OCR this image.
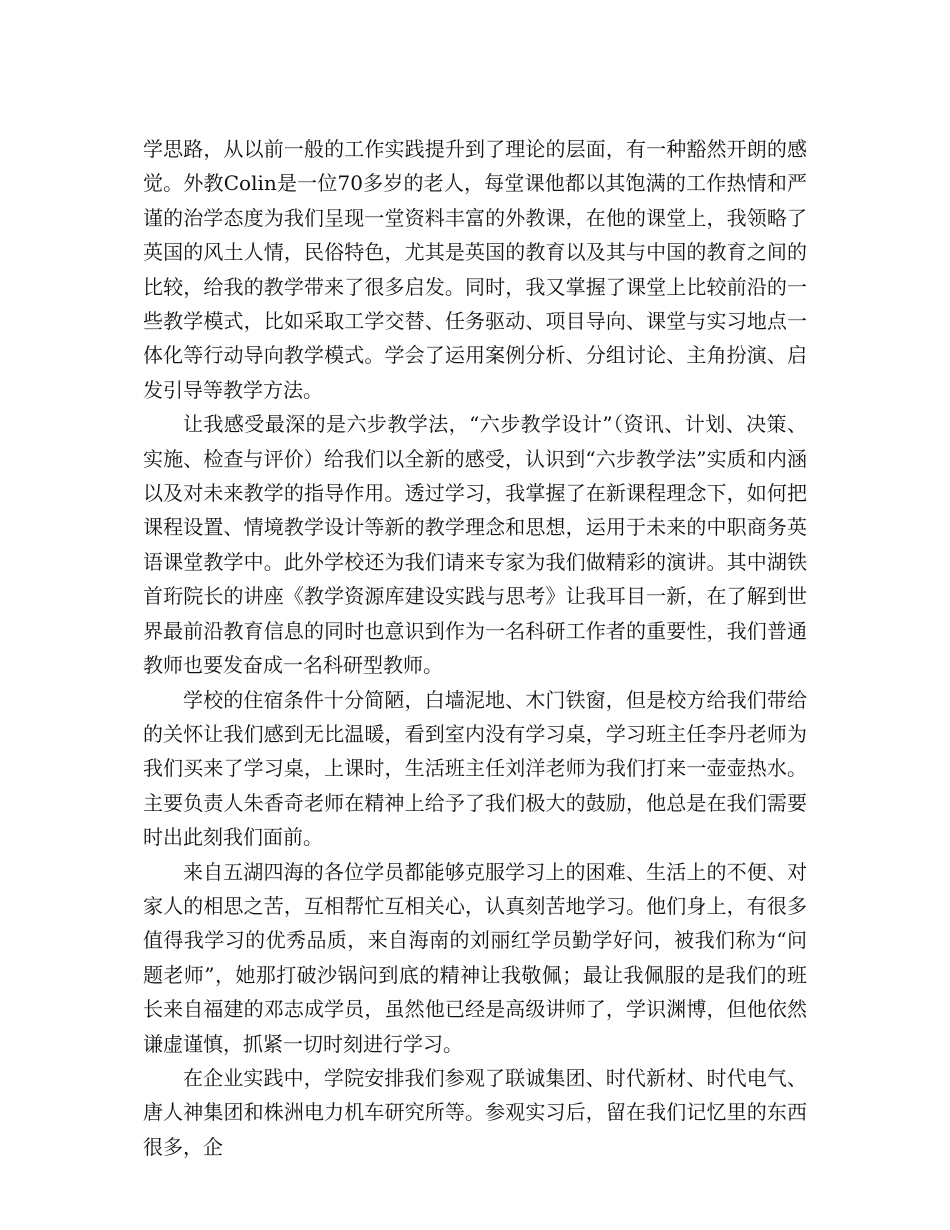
学思路，从以前一般的工作实践提升到了理论的层面，有一种豁然开朗的感觉。外教Colin是一位70多岁的老人，每堂课他都以其饱满的工作热情和严谨的治学态度为我们呈现一堂资料丰富的外教课，在他的课堂上，我领略了英国的风土人情，民俗特色，尤其是英国的教育以及其与中国的教育之间的比较，给我的教学带来了很多启发。同时，我又掌握了课堂上比较前沿的一些教学模式，比如采取工学交替、任务驱动、项目导向、课堂与实习地点一体化等行动导向教学模式。学会了运用案例分析、分组讨论、主角扮演、启发引导等教学方法。

让我感受最深的是六步教学法，“六步教学设计”（资讯、计划、决策、实施、检查与评价）给我们以全新的感受，认识到“六步教学法”实质和内涵以及对未来教学的指导作用。透过学习，我掌握了在新课程理念下，如何把课程设置、情境教学设计等新的教学理念和思想，运用于未来的中职商务英语课堂教学中。此外学校还为我们请来专家为我们做精彩的演讲。其中湖铁首珩院长的讲座《教学资源库建设实践与思考》让我耳目一新，在了解到世界最前沿教育信息的同时也意识到作为一名科研工作者的重要性，我们普通教师也要发奋成一名科研型教师。

学校的住宿条件十分简陋，白墙泥地、木门铁窗，但是校方给我们带给的关怀让我们感到无比温暖，看到室内没有学习桌，学习班主任李丹老师为我们买来了学习桌，上课时，生活班主任刘洋老师为我们打来一壶壶热水。主要负责人朱香奇老师在精神上给予了我们极大的鼓励，他总是在我们需要时出此刻我们面前。

来自五湖四海的各位学员都能够克服学习上的困难、生活上的不便、对家人的相思之苦，互相帮忙互相关心，认真刻苦地学习。他们身上，有很多值得我学习的优秀品质，来自海南的刘丽红学员勤学好问，被我们称为“问题老师”，她那打破沙锅问到底的精神让我敬佩；最让我佩服的是我们的班长来自福建的邓志成学员，虽然他已经是高级讲师了，学识渊博，但他依然谦虚谨慎，抓紧一切时刻进行学习。

在企业实践中，学院安排我们参观了联诚集团、时代新材、时代电气、唐人神集团和株洲电力机车研究所等。参观实习后，留在我们记忆里的东西很多，企
